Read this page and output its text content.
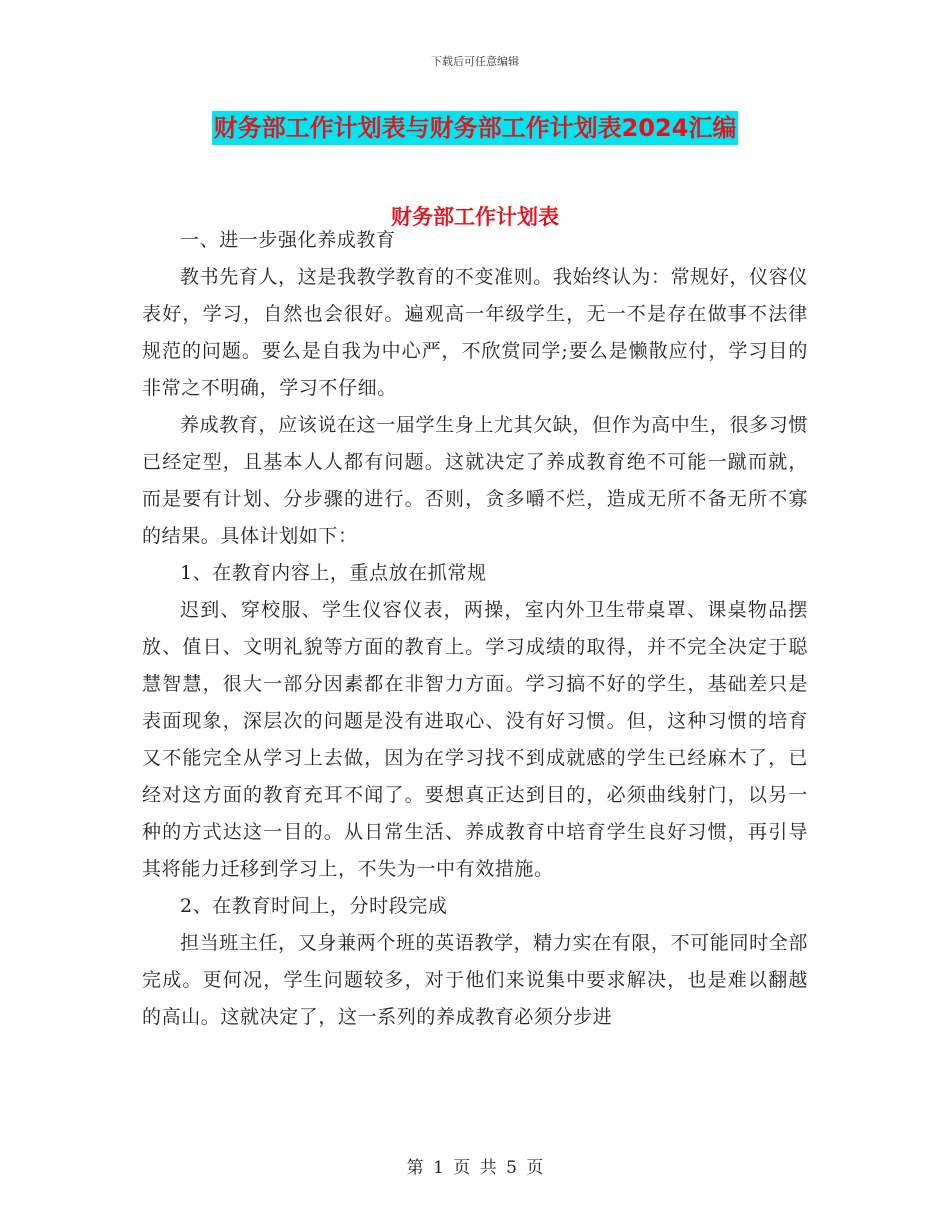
下载后可任意编辑
财务部工作计划表与财务部工作计划表2024汇编
财务部工作计划表

一、进一步强化养成教育

教书先育人，这是我教学教育的不变准则。我始终认为：常规好，仪容仪表好，学习，自然也会很好。遍观高一年级学生，无一不是存在做事不法律规范的问题。要么是自我为中心严，不欣赏同学;要么是懒散应付，学习目的非常之不明确，学习不仔细。

养成教育，应该说在这一届学生身上尤其欠缺，但作为高中生，很多习惯已经定型，且基本人人都有问题。这就决定了养成教育绝不可能一蹴而就，而是要有计划、分步骤的进行。否则，贪多嚼不烂，造成无所不备无所不寡的结果。具体计划如下：

1、在教育内容上，重点放在抓常规

迟到、穿校服、学生仪容仪表，两操，室内外卫生带桌罩、课桌物品摆放、值日、文明礼貌等方面的教育上。学习成绩的取得，并不完全决定于聪慧智慧，很大一部分因素都在非智力方面。学习搞不好的学生，基础差只是表面现象，深层次的问题是没有进取心、没有好习惯。但，这种习惯的培育又不能完全从学习上去做，因为在学习找不到成就感的学生已经麻木了，已经对这方面的教育充耳不闻了。要想真正达到目的，必须曲线射门，以另一种的方式达这一目的。从日常生活、养成教育中培育学生良好习惯，再引导其将能力迁移到学习上，不失为一中有效措施。

2、在教育时间上，分时段完成

担当班主任，又身兼两个班的英语教学，精力实在有限，不可能同时全部完成。更何况，学生问题较多，对于他们来说集中要求解决，也是难以翻越的高山。这就决定了，这一系列的养成教育必须分步进

第 1 页 共 5 页
